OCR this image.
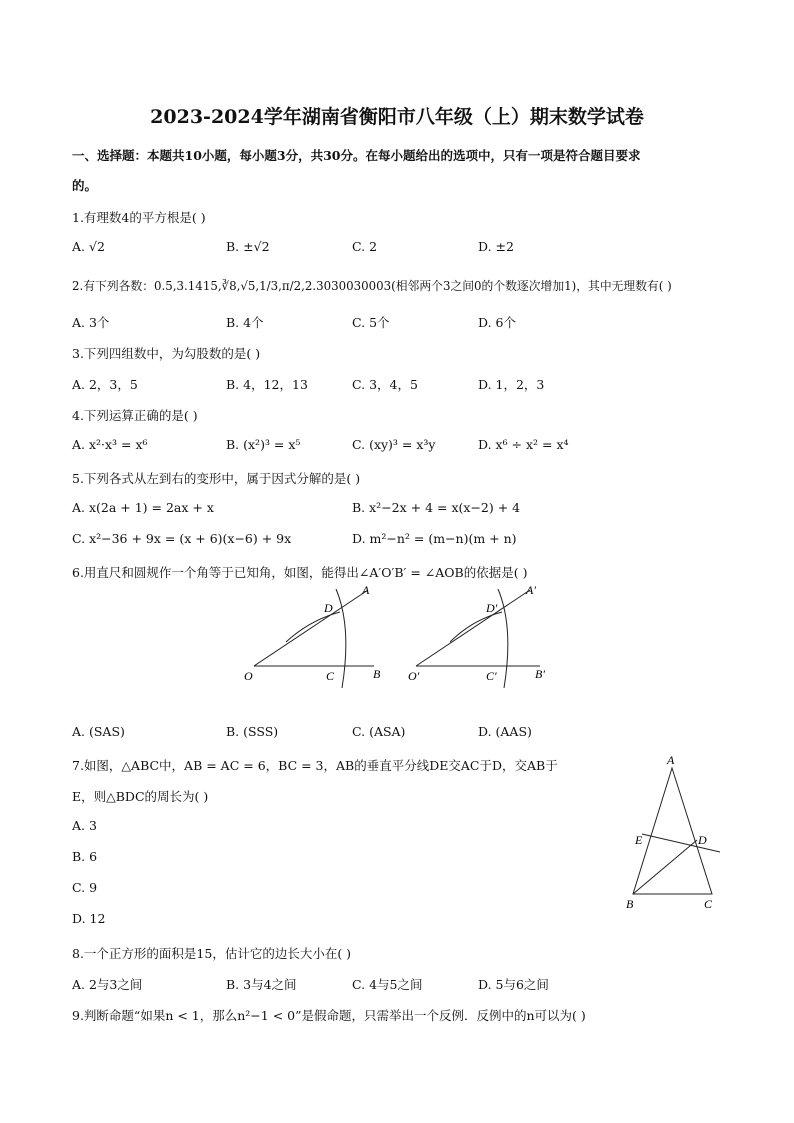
2023-2024学年湖南省衡阳市八年级（上）期末数学试卷
一、选择题：本题共10小题，每小题3分，共30分。在每小题给出的选项中，只有一项是符合题目要求
的。
1.有理数4的平方根是( )
A. √2	B. ±√2	C. 2	D. ±2
2.有下列各数：0.5,3.1415,∛8,√5,1/3,π/2,2.3030030003(相邻两个3之间0的个数逐次增加1)，其中无理数有( )
A. 3个	B. 4个	C. 5个	D. 6个
3.下列四组数中，为勾股数的是( )
A. 2，3，5	B. 4，12，13	C. 3，4，5	D. 1，2，3
4.下列运算正确的是( )
A. x²·x³ = x⁶	B. (x²)³ = x⁵	C. (xy)³ = x³y	D. x⁶ ÷ x² = x⁴
5.下列各式从左到右的变形中，属于因式分解的是( )
A. x(2a + 1) = 2ax + x	B. x²−2x + 4 = x(x−2) + 4
C. x²−36 + 9x = (x + 6)(x−6) + 9x	D. m²−n² = (m−n)(m + n)
6.用直尺和圆规作一个角等于已知角，如图，能得出∠A′O′B′ = ∠AOB的依据是( )
O	C	B
D
A
O′	C′	B′
D′
A′
A. (SAS)	B. (SSS)	C. (ASA)	D. (AAS)
7.如图，△ABC中，AB = AC = 6，BC = 3，AB的垂直平分线DE交AC于D，交AB于
E，则△BDC的周长为( )
A. 3
B. 6
C. 9
D. 12
A
B	C
D
E
8.一个正方形的面积是15，估计它的边长大小在( )
A. 2与3之间	B. 3与4之间	C. 4与5之间	D. 5与6之间
9.判断命题“如果n < 1，那么n²−1 < 0”是假命题，只需举出一个反例．反例中的n可以为( )
